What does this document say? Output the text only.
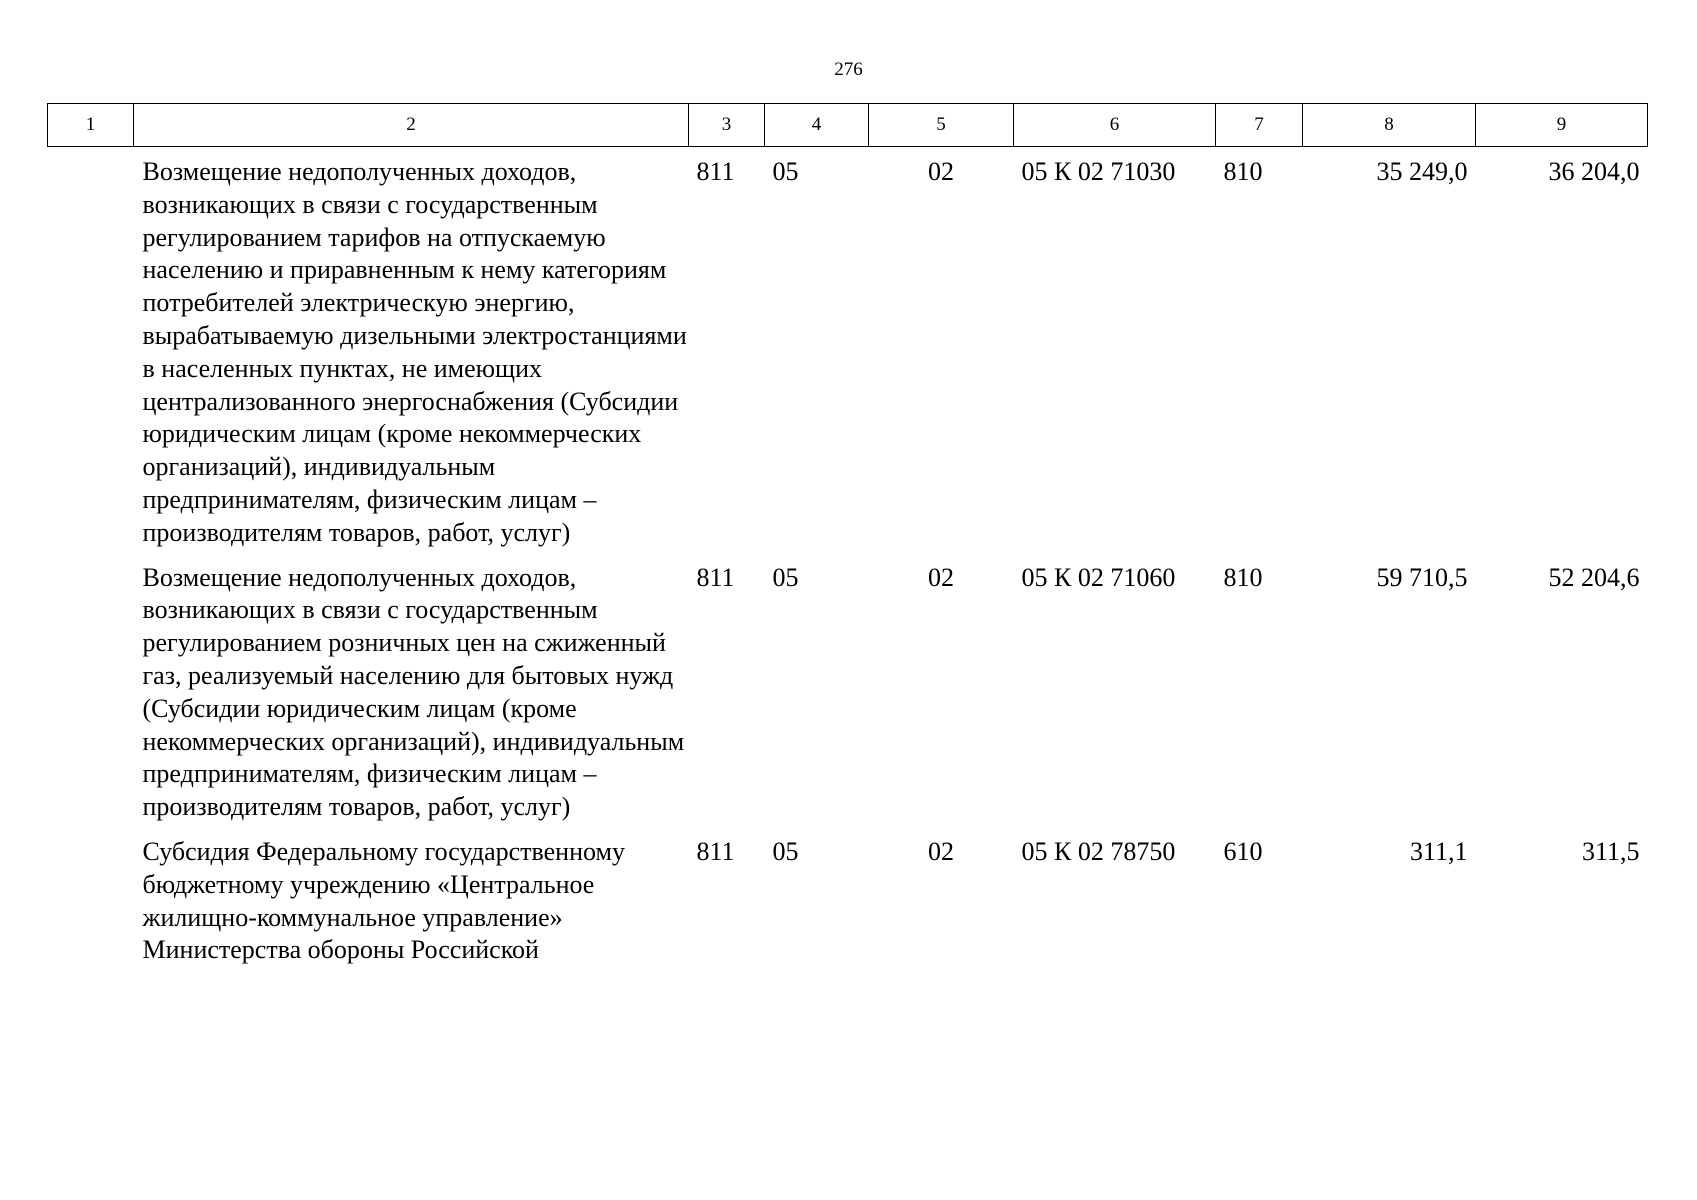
276
1	2	3	4	5	6	7	8	9
	Возмещение недополученных доходов, возникающих в связи с государственным регулированием тарифов на отпускаемую населению и приравненным к нему категориям потребителей электрическую энергию, вырабатываемую дизельными электростанциями в населенных пунктах, не имеющих централизованного энергоснабжения (Субсидии юридическим лицам (кроме некоммерческих организаций), индивидуальным предпринимателям, физическим лицам – производителям товаров, работ, услуг)	811	05	02	05 К 02 71030	810	35 249,0	36 204,0
	Возмещение недополученных доходов, возникающих в связи с государственным регулированием розничных цен на сжиженный газ, реализуемый населению для бытовых нужд (Субсидии юридическим лицам (кроме некоммерческих организаций), индивидуальным предпринимателям, физическим лицам – производителям товаров, работ, услуг)	811	05	02	05 К 02 71060	810	59 710,5	52 204,6
	Субсидия Федеральному государственному бюджетному учреждению «Центральное жилищно-коммунальное управление» Министерства обороны Российской	811	05	02	05 К 02 78750	610	311,1	311,5
